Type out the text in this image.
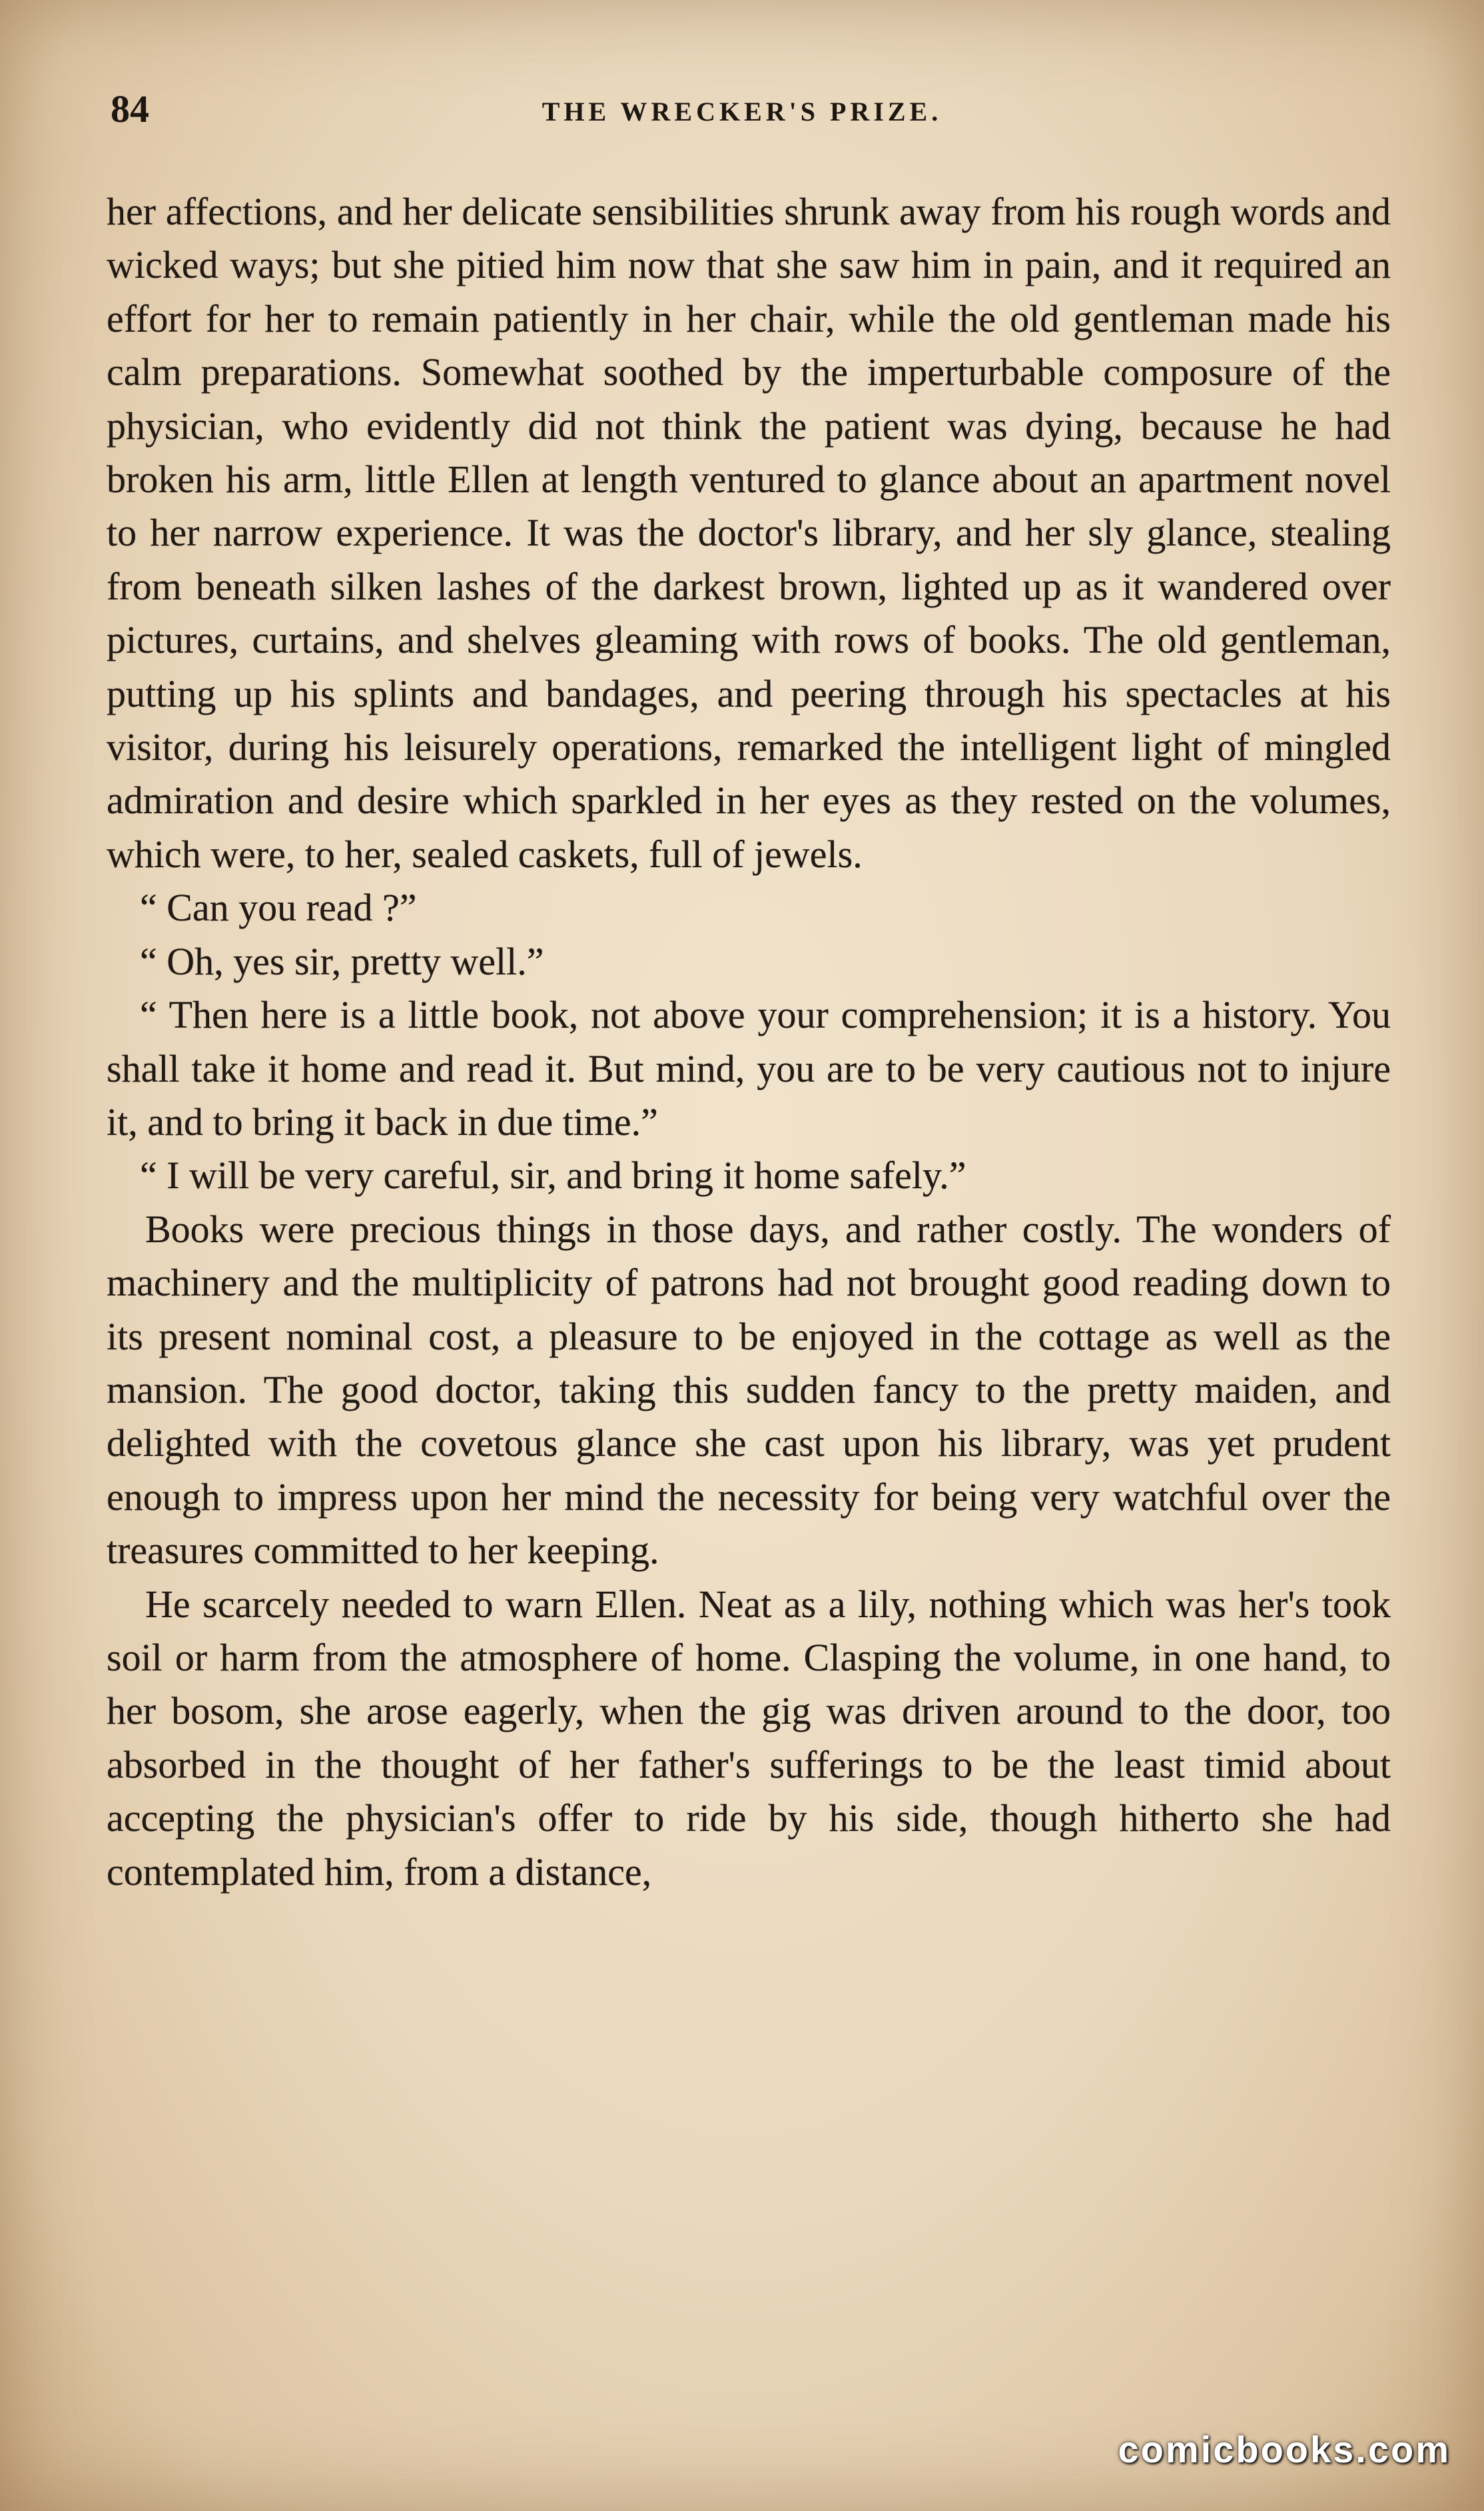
84	THE WRECKER'S PRIZE.

her affections, and her delicate sensibilities shrunk away from his rough words and wicked ways; but she pitied him now that she saw him in pain, and it required an effort for her to remain patiently in her chair, while the old gentleman made his calm preparations. Somewhat soothed by the imperturbable composure of the physician, who evidently did not think the patient was dying, because he had broken his arm, little Ellen at length ventured to glance about an apartment novel to her narrow experience. It was the doctor's library, and her sly glance, stealing from beneath silken lashes of the darkest brown, lighted up as it wandered over pictures, curtains, and shelves gleaming with rows of books. The old gentleman, putting up his splints and bandages, and peering through his spectacles at his visitor, during his leisurely operations, remarked the intelligent light of mingled admiration and desire which sparkled in her eyes as they rested on the volumes, which were, to her, sealed caskets, full of jewels.

“ Can you read ?”

“ Oh, yes sir, pretty well.”

“ Then here is a little book, not above your comprehension; it is a history. You shall take it home and read it. But mind, you are to be very cautious not to injure it, and to bring it back in due time.”

“ I will be very careful, sir, and bring it home safely.”

Books were precious things in those days, and rather costly. The wonders of machinery and the multiplicity of patrons had not brought good reading down to its present nominal cost, a pleasure to be enjoyed in the cottage as well as the mansion. The good doctor, taking this sudden fancy to the pretty maiden, and delighted with the covetous glance she cast upon his library, was yet prudent enough to impress upon her mind the necessity for being very watchful over the treasures committed to her keeping.

He scarcely needed to warn Ellen. Neat as a lily, nothing which was her's took soil or harm from the atmosphere of home. Clasping the volume, in one hand, to her bosom, she arose eagerly, when the gig was driven around to the door, too absorbed in the thought of her father's sufferings to be the least timid about accepting the physician's offer to ride by his side, though hitherto she had contemplated him, from a distance,

comicbooks.com
